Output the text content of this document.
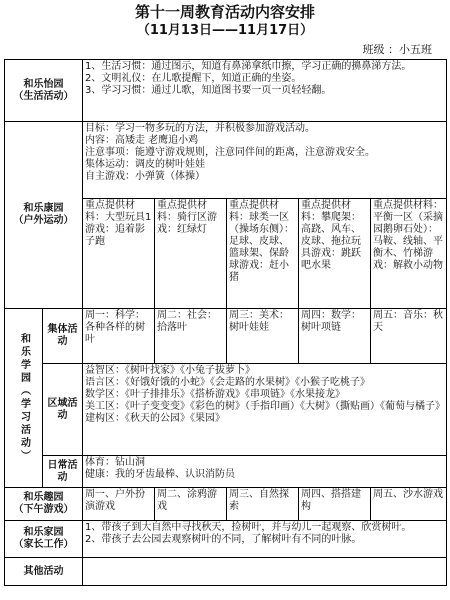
第十一周教育活动内容安排
（11月13日——11月17日）
班级 ：小五班
和乐怡园
（生活活动）		1、生活习惯：通过图示，知道有鼻涕拿纸巾擦，学习正确的擤鼻涕方法。
2、文明礼仪：在儿歌提醒下，知道正确的坐姿。
3、学习习惯：通过儿歌，知道图书要一页一页轻轻翻。				

和乐康园
（户外运动）		目标：学习一物多玩的方法，并积极参加游戏活动。
内容：高矮走 老鹰追小鸡
注意事项：能遵守游戏规则，注意同伴间的距离，注意游戏安全。
集体运动：调皮的树叶娃娃
自主游戏：小弹簧（体操）				

		重点提供材料：大型玩具1游戏：追着影子跑	重点提供材料：骑行区游戏：红绿灯	重点提供材料：球类一区（操场东侧）：足球、皮球、篮球架、保龄球游戏：赶小猪	重点提供材料：攀爬架：高跷、风车、皮球、拖拉玩具游戏：跳跃吧水果	重点提供材料：平衡一区（采摘园鹅卵石处）：马鞍、线轴、平衡木、竹梯游戏：解救小动物

和乐学园（学习活动）	集体活动	周一：科学：各种各样的树叶	周二：社会：拾落叶	周三：美术：树叶娃娃	周四：数学：树叶项链	周五：音乐：秋天

	区域活动	益智区：《树叶找家》《小兔子拔萝卜》
语言区：《好饿好饿的小蛇》《会走路的水果树》《小猴子吃桃子》
数学区：《叶子排排乐》《搭桥游戏》《串项链》《水果接龙》
美工区：《叶子变变变》《彩色的树》（手指印画）《大树》（撕贴画）《葡萄与橘子》
建构区：《秋天的公园》《果园》				

	日常活动	体育：钻山洞
健康：我的牙齿最棒、认识消防员				

和乐趣园
（下午游戏）		周一、户外扮演游戏	周二、涂鸦游戏	周三、自然探索	周四、搭搭建构	周五、沙水游戏

和乐家园
（家长工作）		1、带孩子到大自然中寻找秋天，捡树叶，并与幼儿一起观察、欣赏树叶。
2、带孩子去公园去观察树叶的不同，了解树叶有不同的叶脉。				

其他活动						
